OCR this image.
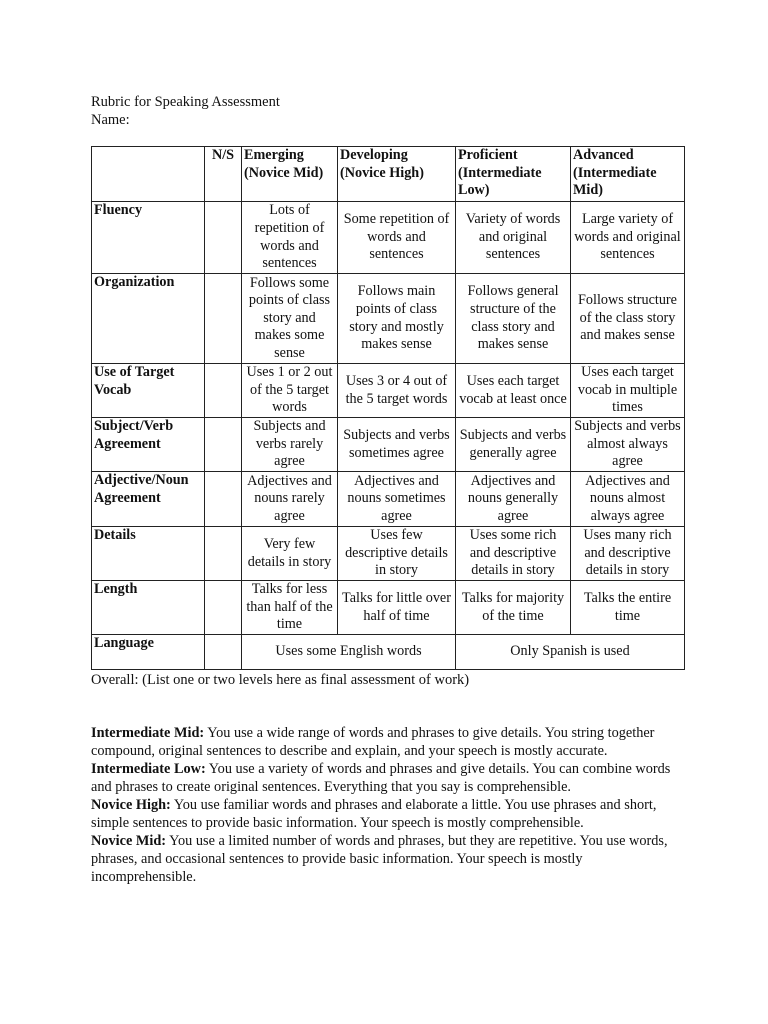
Rubric for Speaking Assessment
Name:
	N/S	Emerging (Novice Mid)	Developing (Novice High)	Proficient (Intermediate Low)	Advanced (Intermediate Mid)
Fluency		Lots of repetition of words and sentences	Some repetition of words and sentences	Variety of words and original sentences	Large variety of words and original sentences
Organization		Follows some points of class story and makes some sense	Follows main points of class story and mostly makes sense	Follows general structure of the class story and makes sense	Follows structure of the class story and makes sense
Use of Target Vocab		Uses 1 or 2 out of the 5 target words	Uses 3 or 4 out of the 5 target words	Uses each target vocab at least once	Uses each target vocab in multiple times
Subject/Verb Agreement		Subjects and verbs rarely agree	Subjects and verbs sometimes agree	Subjects and verbs generally agree	Subjects and verbs almost always agree
Adjective/Noun Agreement		Adjectives and nouns rarely agree	Adjectives and nouns sometimes agree	Adjectives and nouns generally agree	Adjectives and nouns almost always agree
Details		Very few details in story	Uses few descriptive details in story	Uses some rich and descriptive details in story	Uses many rich and descriptive details in story
Length		Talks for less than half of the time	Talks for little over half of time	Talks for majority of the time	Talks the entire time
Language		Uses some English words		Only Spanish is used	
Overall: (List one or two levels here as final assessment of work)

Intermediate Mid: You use a wide range of words and phrases to give details. You string together compound, original sentences to describe and explain, and your speech is mostly accurate.

Intermediate Low: You use a variety of words and phrases and give details. You can combine words and phrases to create original sentences. Everything that you say is comprehensible.

Novice High: You use familiar words and phrases and elaborate a little. You use phrases and short, simple sentences to provide basic information. Your speech is mostly comprehensible.

Novice Mid: You use a limited number of words and phrases, but they are repetitive. You use words, phrases, and occasional sentences to provide basic information. Your speech is mostly incomprehensible.
